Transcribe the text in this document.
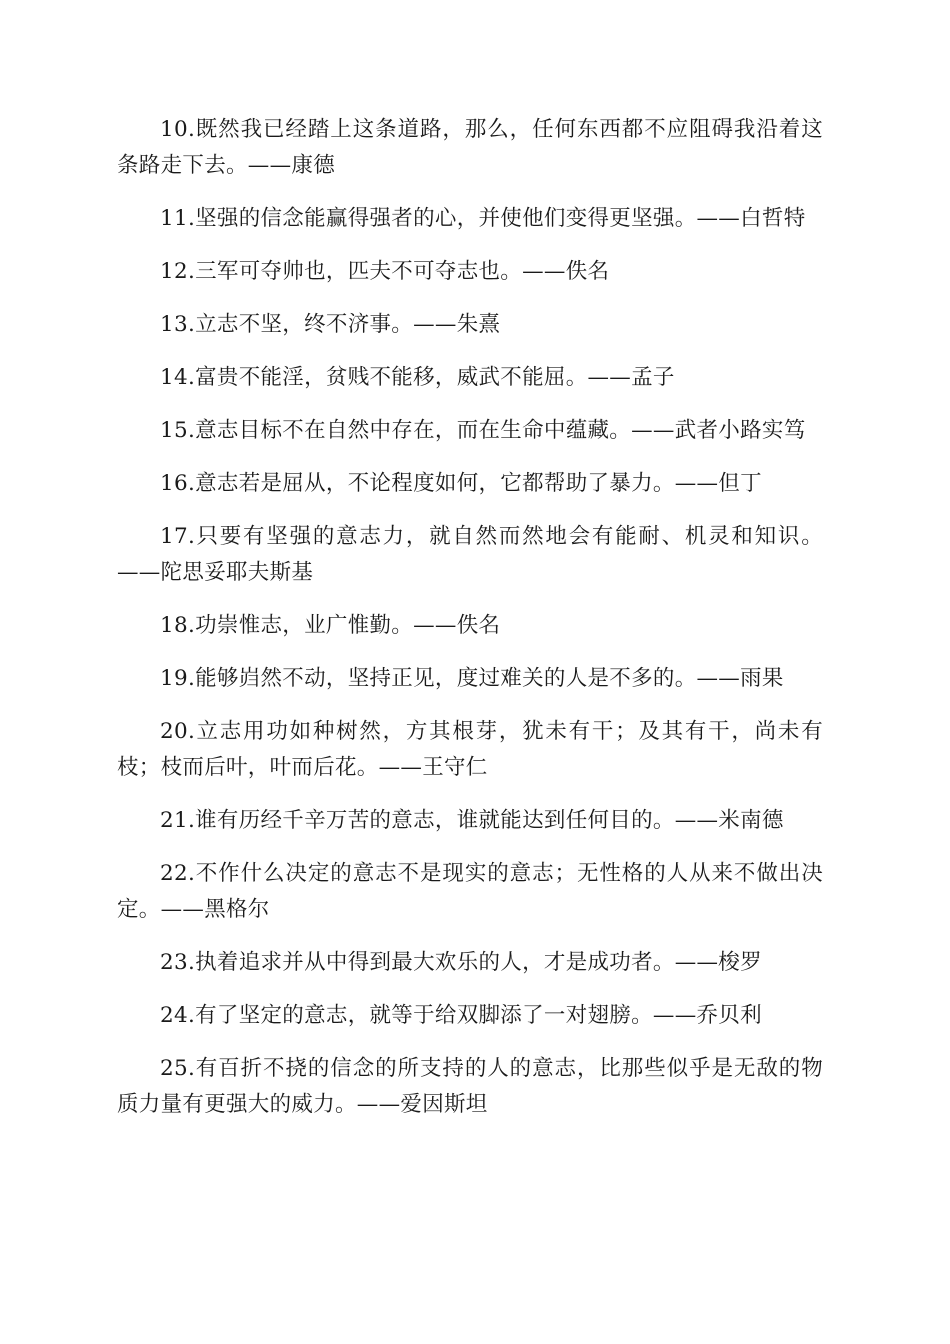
10.既然我已经踏上这条道路，那么，任何东西都不应阻碍我沿着这条路走下去。——康德

11.坚强的信念能赢得强者的心，并使他们变得更坚强。——白哲特

12.三军可夺帅也，匹夫不可夺志也。——佚名

13.立志不坚，终不济事。——朱熹

14.富贵不能淫，贫贱不能移，威武不能屈。——孟子

15.意志目标不在自然中存在，而在生命中蕴藏。——武者小路实笃

16.意志若是屈从，不论程度如何，它都帮助了暴力。——但丁

17.只要有坚强的意志力，就自然而然地会有能耐、机灵和知识。——陀思妥耶夫斯基

18.功崇惟志，业广惟勤。——佚名

19.能够岿然不动，坚持正见，度过难关的人是不多的。——雨果

20.立志用功如种树然，方其根芽，犹未有干；及其有干，尚未有枝；枝而后叶，叶而后花。——王守仁

21.谁有历经千辛万苦的意志，谁就能达到任何目的。——米南德

22.不作什么决定的意志不是现实的意志；无性格的人从来不做出决定。——黑格尔

23.执着追求并从中得到最大欢乐的人，才是成功者。——梭罗

24.有了坚定的意志，就等于给双脚添了一对翅膀。——乔贝利

25.有百折不挠的信念的所支持的人的意志，比那些似乎是无敌的物质力量有更强大的威力。——爱因斯坦
